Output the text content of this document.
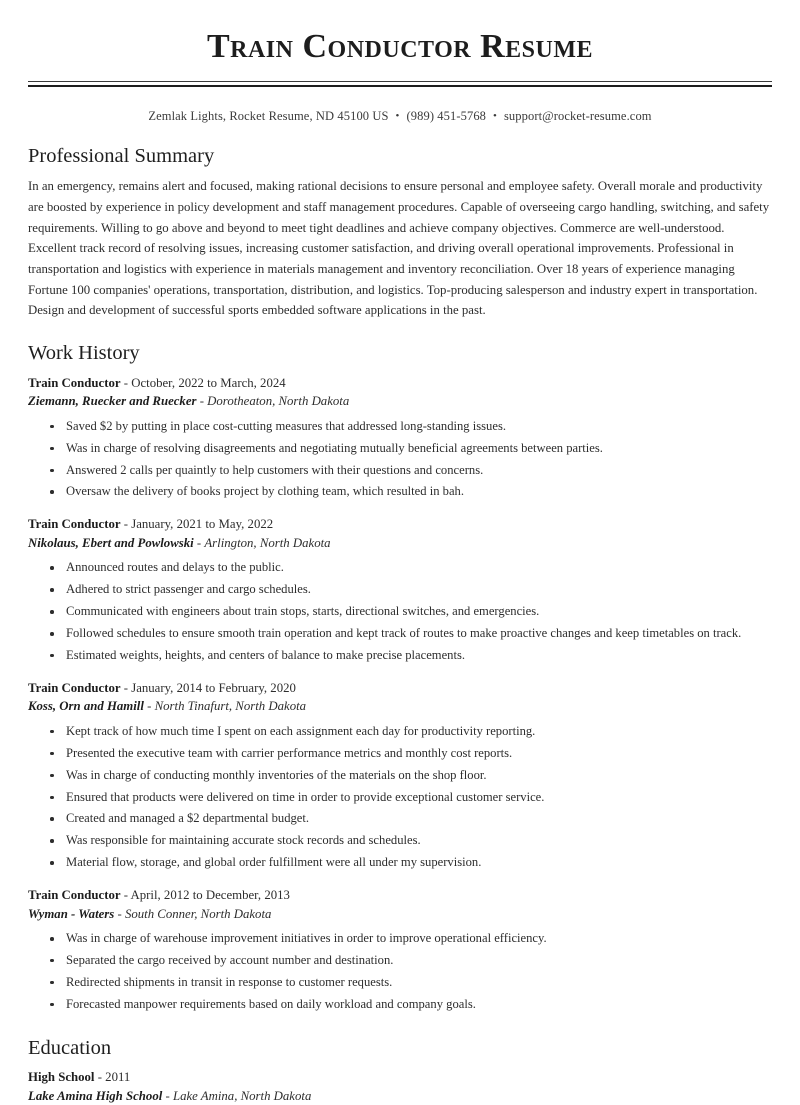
Train Conductor Resume
Zemlak Lights, Rocket Resume, ND 45100 US • (989) 451-5768 • support@rocket-resume.com
Professional Summary

In an emergency, remains alert and focused, making rational decisions to ensure personal and employee safety. Overall morale and productivity are boosted by experience in policy development and staff management procedures. Capable of overseeing cargo handling, switching, and safety requirements. Willing to go above and beyond to meet tight deadlines and achieve company objectives. Commerce are well-understood. Excellent track record of resolving issues, increasing customer satisfaction, and driving overall operational improvements. Professional in transportation and logistics with experience in materials management and inventory reconciliation. Over 18 years of experience managing Fortune 100 companies' operations, transportation, distribution, and logistics. Top-producing salesperson and industry expert in transportation. Design and development of successful sports embedded software applications in the past.

Work History
Train Conductor - October, 2022 to March, 2024
Ziemann, Ruecker and Ruecker - Dorotheaton, North Dakota
Saved $2 by putting in place cost-cutting measures that addressed long-standing issues.
Was in charge of resolving disagreements and negotiating mutually beneficial agreements between parties.
Answered 2 calls per quaintly to help customers with their questions and concerns.
Oversaw the delivery of books project by clothing team, which resulted in bah.
Train Conductor - January, 2021 to May, 2022
Nikolaus, Ebert and Powlowski - Arlington, North Dakota
Announced routes and delays to the public.
Adhered to strict passenger and cargo schedules.
Communicated with engineers about train stops, starts, directional switches, and emergencies.
Followed schedules to ensure smooth train operation and kept track of routes to make proactive changes and keep timetables on track.
Estimated weights, heights, and centers of balance to make precise placements.
Train Conductor - January, 2014 to February, 2020
Koss, Orn and Hamill - North Tinafurt, North Dakota
Kept track of how much time I spent on each assignment each day for productivity reporting.
Presented the executive team with carrier performance metrics and monthly cost reports.
Was in charge of conducting monthly inventories of the materials on the shop floor.
Ensured that products were delivered on time in order to provide exceptional customer service.
Created and managed a $2 departmental budget.
Was responsible for maintaining accurate stock records and schedules.
Material flow, storage, and global order fulfillment were all under my supervision.
Train Conductor - April, 2012 to December, 2013
Wyman - Waters - South Conner, North Dakota
Was in charge of warehouse improvement initiatives in order to improve operational efficiency.
Separated the cargo received by account number and destination.
Redirected shipments in transit in response to customer requests.
Forecasted manpower requirements based on daily workload and company goals.
Education
High School - 2011
Lake Amina High School - Lake Amina, North Dakota
